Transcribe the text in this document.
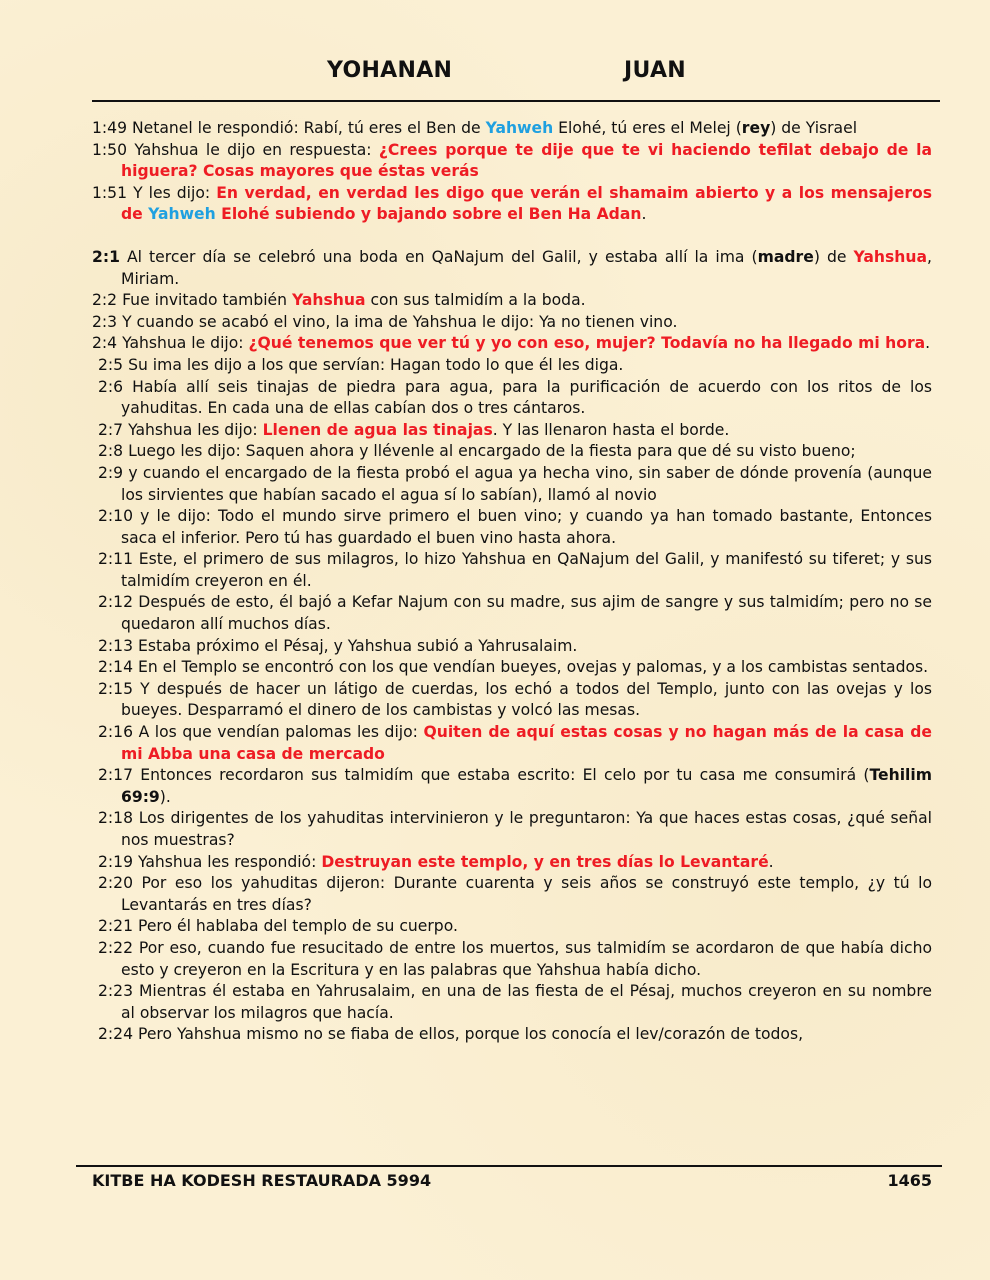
YOHANAN	JUAN

1:49 Netanel le respondió: Rabí, tú eres el Ben de Yahweh Elohé, tú eres el Melej (rey) de Yisrael

1:50 Yahshua le dijo en respuesta: ¿Crees porque te dije que te vi haciendo tefilat debajo de la higuera? Cosas mayores que éstas verás

1:51 Y les dijo: En verdad, en verdad les digo que verán el shamaim abierto y a los mensajeros de Yahweh Elohé subiendo y bajando sobre el Ben Ha Adan.

2:1 Al tercer día se celebró una boda en QaNajum del Galil, y estaba allí la ima (madre) de Yahshua, Miriam.

2:2 Fue invitado también Yahshua con sus talmidím a la boda.

2:3 Y cuando se acabó el vino, la ima de Yahshua le dijo: Ya no tienen vino.

2:4 Yahshua le dijo: ¿Qué tenemos que ver tú y yo con eso, mujer? Todavía no ha llegado mi hora.

2:5 Su ima les dijo a los que servían: Hagan todo lo que él les diga.

2:6 Había allí seis tinajas de piedra para agua, para la purificación de acuerdo con los ritos de los yahuditas. En cada una de ellas cabían dos o tres cántaros.

2:7 Yahshua les dijo: Llenen de agua las tinajas. Y las llenaron hasta el borde.

2:8 Luego les dijo: Saquen ahora y llévenle al encargado de la fiesta para que dé su visto bueno;

2:9 y cuando el encargado de la fiesta probó el agua ya hecha vino, sin saber de dónde provenía (aunque los sirvientes que habían sacado el agua sí lo sabían), llamó al novio

2:10 y le dijo: Todo el mundo sirve primero el buen vino; y cuando ya han tomado bastante, Entonces saca el inferior. Pero tú has guardado el buen vino hasta ahora.

2:11 Este, el primero de sus milagros, lo hizo Yahshua en QaNajum del Galil, y manifestó su tiferet; y sus talmidím creyeron en él.

2:12 Después de esto, él bajó a Kefar Najum con su madre, sus ajim de sangre y sus talmidím; pero no se quedaron allí muchos días.

2:13 Estaba próximo el Pésaj, y Yahshua subió a Yahrusalaim.

2:14 En el Templo se encontró con los que vendían bueyes, ovejas y palomas, y a los cambistas sentados.

2:15 Y después de hacer un látigo de cuerdas, los echó a todos del Templo, junto con las ovejas y los bueyes. Desparramó el dinero de los cambistas y volcó las mesas.

2:16 A los que vendían palomas les dijo: Quiten de aquí estas cosas y no hagan más de la casa de mi Abba una casa de mercado

2:17 Entonces recordaron sus talmidím que estaba escrito: El celo por tu casa me consumirá (Tehilim 69:9).

2:18 Los dirigentes de los yahuditas intervinieron y le preguntaron: Ya que haces estas cosas, ¿qué señal nos muestras?

2:19 Yahshua les respondió: Destruyan este templo, y en tres días lo Levantaré.

2:20 Por eso los yahuditas dijeron: Durante cuarenta y seis años se construyó este templo, ¿y tú lo Levantarás en tres días?

2:21 Pero él hablaba del templo de su cuerpo.

2:22 Por eso, cuando fue resucitado de entre los muertos, sus talmidím se acordaron de que había dicho esto y creyeron en la Escritura y en las palabras que Yahshua había dicho.

2:23 Mientras él estaba en Yahrusalaim, en una de las fiesta de el Pésaj, muchos creyeron en su nombre al observar los milagros que hacía.

2:24 Pero Yahshua mismo no se fiaba de ellos, porque los conocía el lev/corazón de todos,

KITBE HA KODESH RESTAURADA 5994	1465
